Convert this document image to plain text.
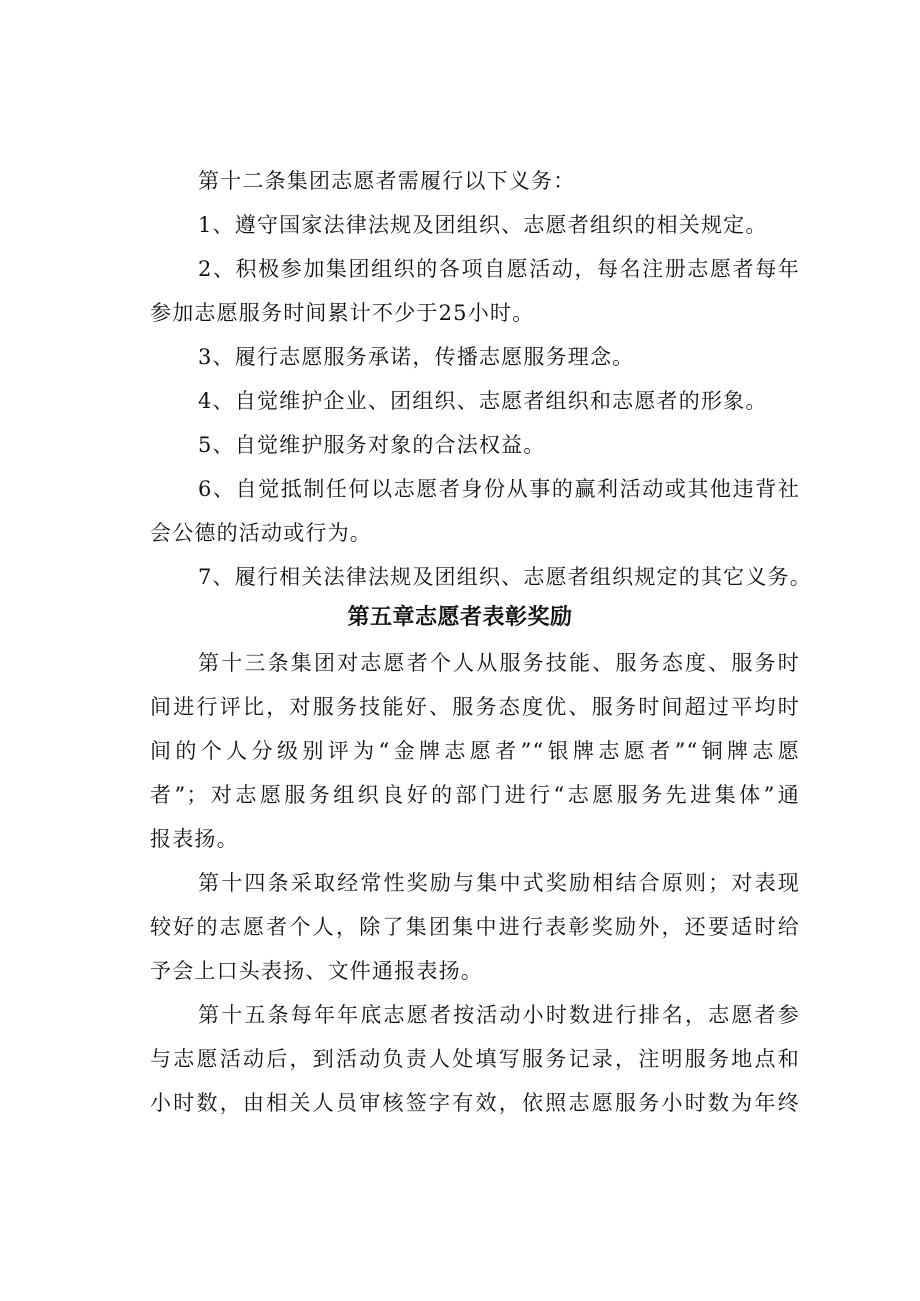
第十二条集团志愿者需履行以下义务：
1、遵守国家法律法规及团组织、志愿者组织的相关规定。
2、积极参加集团组织的各项自愿活动，每名注册志愿者每年
参加志愿服务时间累计不少于25小时。
3、履行志愿服务承诺，传播志愿服务理念。
4、自觉维护企业、团组织、志愿者组织和志愿者的形象。
5、自觉维护服务对象的合法权益。
6、自觉抵制任何以志愿者身份从事的赢利活动或其他违背社
会公德的活动或行为。
7、履行相关法律法规及团组织、志愿者组织规定的其它义务。
第五章志愿者表彰奖励
第十三条集团对志愿者个人从服务技能、服务态度、服务时
间进行评比，对服务技能好、服务态度优、服务时间超过平均时
间的个人分级别评为“金牌志愿者”“银牌志愿者”“铜牌志愿
者”；对志愿服务组织良好的部门进行“志愿服务先进集体”通
报表扬。
第十四条采取经常性奖励与集中式奖励相结合原则；对表现
较好的志愿者个人，除了集团集中进行表彰奖励外，还要适时给
予会上口头表扬、文件通报表扬。
第十五条每年年底志愿者按活动小时数进行排名，志愿者参
与志愿活动后，到活动负责人处填写服务记录，注明服务地点和
小时数，由相关人员审核签字有效，依照志愿服务小时数为年终
